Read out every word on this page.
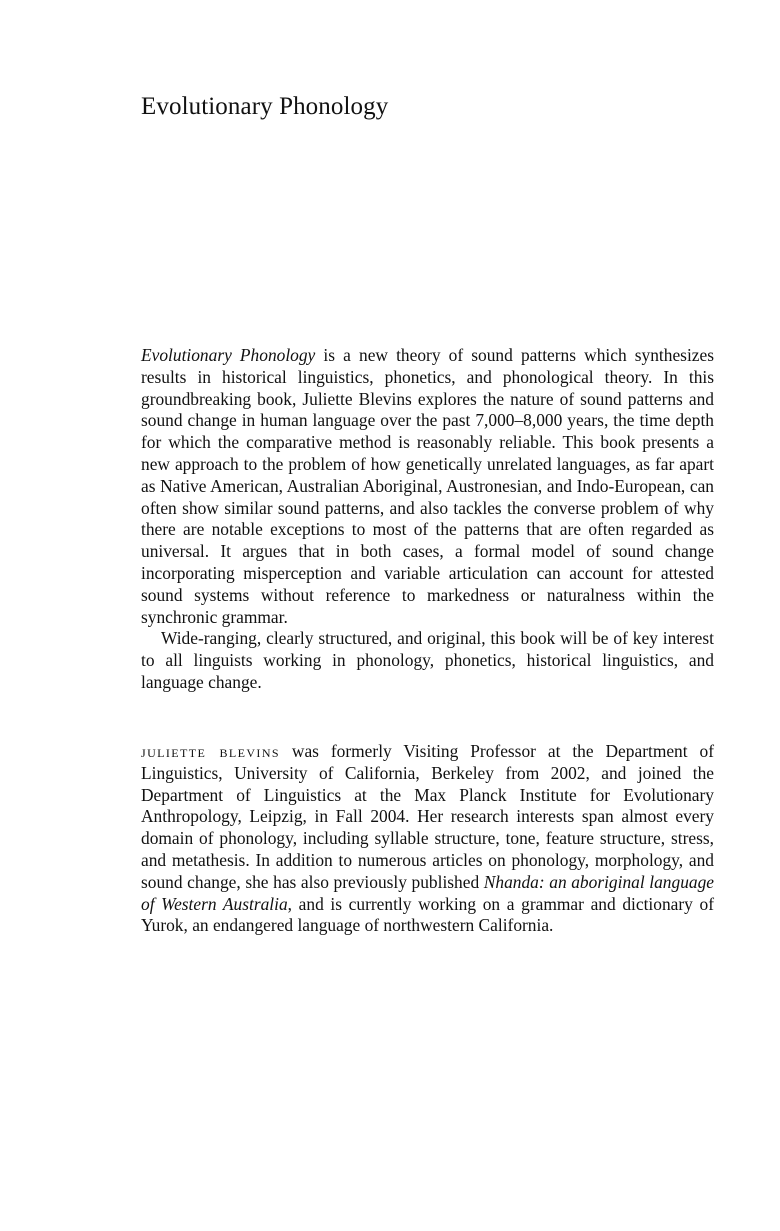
Evolutionary Phonology

Evolutionary Phonology is a new theory of sound patterns which synthesizes results in historical linguistics, phonetics, and phonological theory. In this groundbreaking book, Juliette Blevins explores the nature of sound patterns and sound change in human language over the past 7,000–8,000 years, the time depth for which the comparative method is reasonably reliable. This book presents a new approach to the problem of how genetically unrelated languages, as far apart as Native American, Australian Aboriginal, Austronesian, and Indo-European, can often show similar sound patterns, and also tackles the converse problem of why there are notable exceptions to most of the patterns that are often regarded as universal. It argues that in both cases, a formal model of sound change incorporating misperception and variable articulation can account for attested sound systems without reference to markedness or naturalness within the synchronic grammar.

Wide-ranging, clearly structured, and original, this book will be of key interest to all linguists working in phonology, phonetics, historical linguistics, and language change.

juliette blevins was formerly Visiting Professor at the Department of Linguistics, University of California, Berkeley from 2002, and joined the Department of Linguistics at the Max Planck Institute for Evolutionary Anthropology, Leipzig, in Fall 2004. Her research interests span almost every domain of phonology, including syllable structure, tone, feature structure, stress, and metathesis. In addition to numerous articles on phonology, morphology, and sound change, she has also previously published Nhanda: an aboriginal language of Western Australia, and is currently working on a grammar and dictionary of Yurok, an endangered language of northwestern California.
